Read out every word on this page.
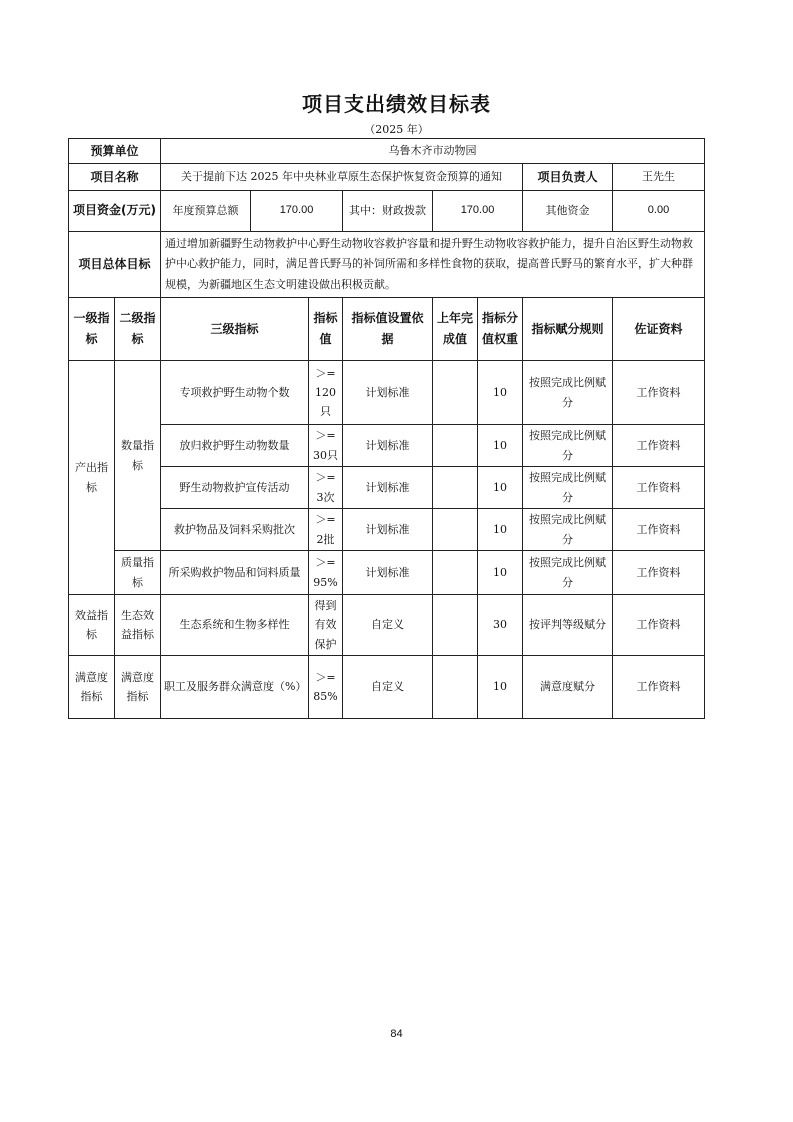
项目支出绩效目标表
（2025 年）
预算单位		乌鲁木齐市动物园							
项目名称		关于提前下达 2025 年中央林业草原生态保护恢复资金预算的通知						项目负责人	王先生
项目资金(万元)		年度预算总额	170.00		其中：财政拨款	170.00		其他资金	0.00
项目总体目标		通过增加新疆野生动物救护中心野生动物收容救护容量和提升野生动物收容救护能力，提升自治区野生动物救护中心救护能力，同时，满足普氏野马的补饲所需和多样性食物的获取，提高普氏野马的繁育水平，扩大种群规模，为新疆地区生态文明建设做出积极贡献。							
一级指标	二级指标	三级指标		指标值	指标值设置依据	上年完成值	指标分值权重	指标赋分规则	佐证资料
产出指标	数量指标	专项救护野生动物个数		＞=120只	计划标准		10	按照完成比例赋分	工作资料
		放归救护野生动物数量		＞=30只	计划标准		10	按照完成比例赋分	工作资料
		野生动物救护宣传活动		＞=3次	计划标准		10	按照完成比例赋分	工作资料
		救护物品及饲料采购批次		＞=2批	计划标准		10	按照完成比例赋分	工作资料
	质量指标	所采购救护物品和饲料质量		＞=95%	计划标准		10	按照完成比例赋分	工作资料
效益指标	生态效益指标	生态系统和生物多样性		得到有效保护	自定义		30	按评判等级赋分	工作资料
满意度指标	满意度指标	职工及服务群众满意度（%）		＞=85%	自定义		10	满意度赋分	工作资料
84
